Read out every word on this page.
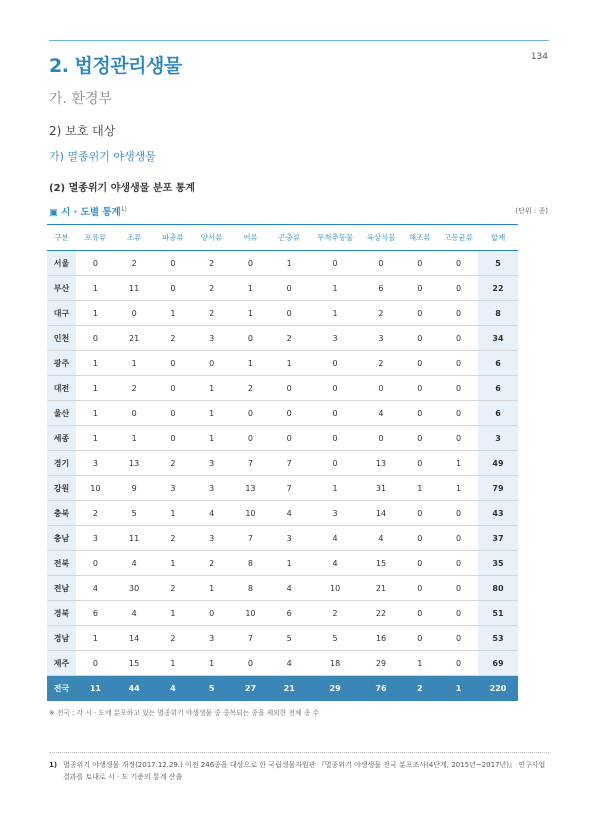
2. 법정관리생물	134
가. 환경부
2) 보호 대상
가) 멸종위기 야생생물
(2) 멸종위기 야생생물 분포 통계
▣ 시 · 도별 통계$^{1)}$	(단위 : 종)
구분	포유류	조류	파충류	양서류	어류	곤충류	무척추동물	육상식물	해조류	고등균류	합계
서울	0	2	0	2	0	1	0	0	0	0	5
부산	1	11	0	2	1	0	1	6	0	0	22
대구	1	0	1	2	1	0	1	2	0	0	8
인천	0	21	2	3	0	2	3	3	0	0	34
광주	1	1	0	0	1	1	0	2	0	0	6
대전	1	2	0	1	2	0	0	0	0	0	6
울산	1	0	0	1	0	0	0	4	0	0	6
세종	1	1	0	1	0	0	0	0	0	0	3
경기	3	13	2	3	7	7	0	13	0	1	49
강원	10	9	3	3	13	7	1	31	1	1	79
충북	2	5	1	4	10	4	3	14	0	0	43
충남	3	11	2	3	7	3	4	4	0	0	37
전북	0	4	1	2	8	1	4	15	0	0	35
전남	4	30	2	1	8	4	10	21	0	0	80
경북	6	4	1	0	10	6	2	22	0	0	51
경남	1	14	2	3	7	5	5	16	0	0	53
제주	0	15	1	1	0	4	18	29	1	0	69
전국	11	44	4	5	27	21	29	76	2	1	220
※ 전국 : 각 시 · 도에 분포하고 있는 멸종위기 야생생물 중 중복되는 종을 제외한 전체 종 수
1) 멸종위기 야생생물 개정(2017.12.29.) 이전 246종을 대상으로 한 국립생물자원관 『멸종위기 야생생물 전국 분포조사(4단계, 2015년~2017년)』 연구사업 결과를 토대로 시 · 도 기준의 통계 산출
